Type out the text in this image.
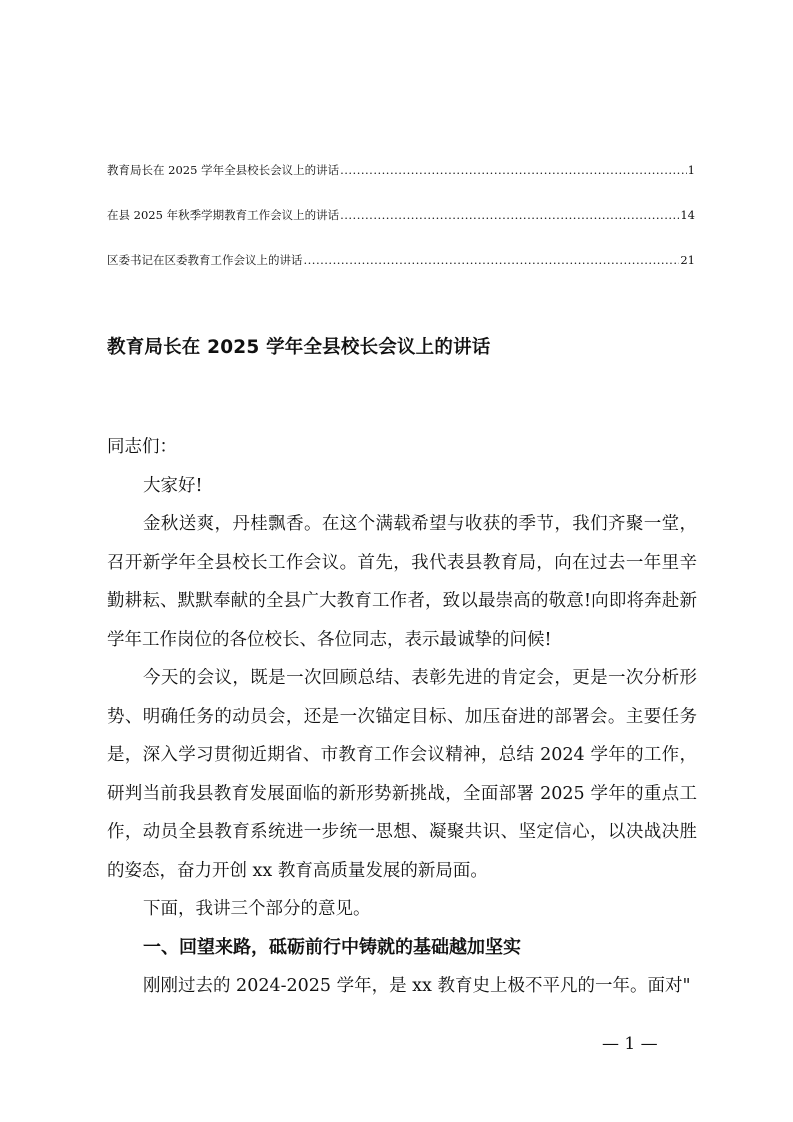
教育局长在 2025 学年全县校长会议上的讲话 .....	1
在县 2025 年秋季学期教育工作会议上的讲话 .....	14
区委书记在区委教育工作会议上的讲话 .....	21
教育局长在 2025 学年全县校长会议上的讲话

同志们：

大家好!

金秋送爽，丹桂飘香。在这个满载希望与收获的季节，我们齐聚一堂，召开新学年全县校长工作会议。首先，我代表县教育局，向在过去一年里辛勤耕耘、默默奉献的全县广大教育工作者，致以最崇高的敬意!向即将奔赴新学年工作岗位的各位校长、各位同志，表示最诚挚的问候!

今天的会议，既是一次回顾总结、表彰先进的肯定会，更是一次分析形势、明确任务的动员会，还是一次锚定目标、加压奋进的部署会。主要任务是，深入学习贯彻近期省、市教育工作会议精神，总结 2024 学年的工作，研判当前我县教育发展面临的新形势新挑战，全面部署 2025 学年的重点工作，动员全县教育系统进一步统一思想、凝聚共识、坚定信心，以决战决胜的姿态，奋力开创 xx 教育高质量发展的新局面。

下面，我讲三个部分的意见。

一、回望来路，砥砺前行中铸就的基础越加坚实

刚刚过去的 2024-2025 学年，是 xx 教育史上极不平凡的一年。面对"

— 1 —
